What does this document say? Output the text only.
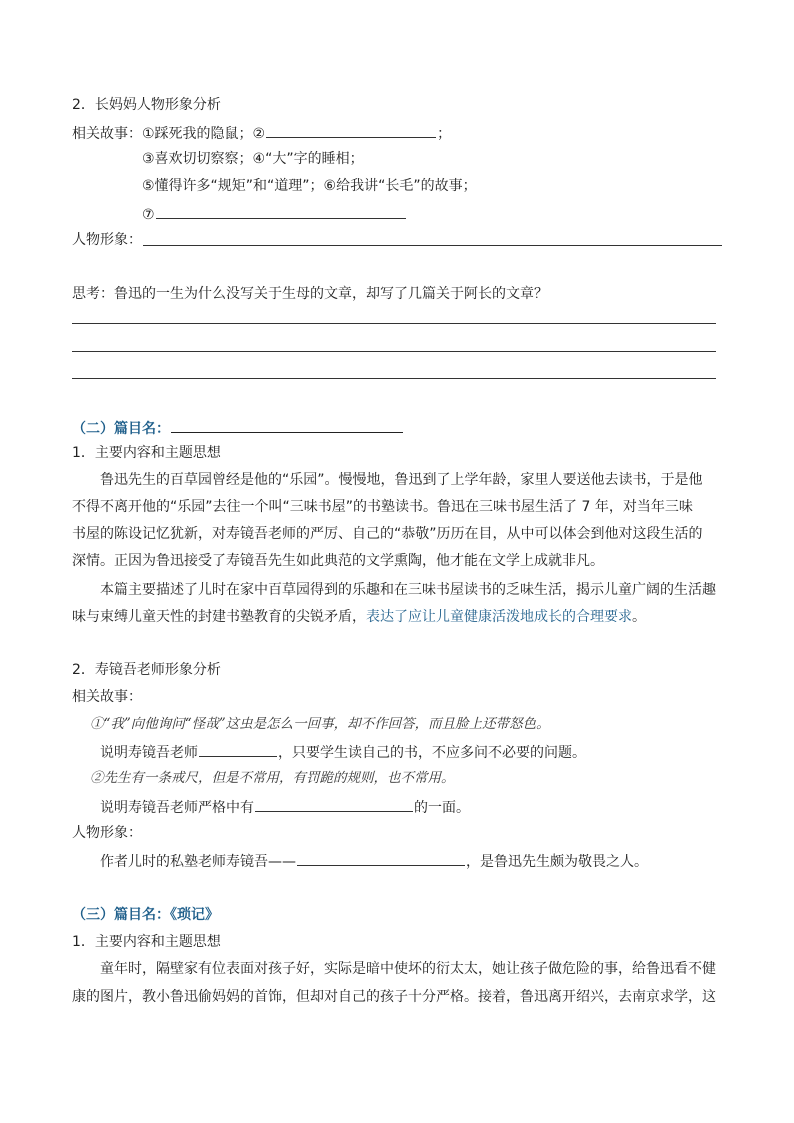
2．长妈妈人物形象分析
相关故事：①踩死我的隐鼠；②	；
③喜欢切切察察；④“大”字的睡相；
⑤懂得许多“规矩”和“道理”；⑥给我讲“长毛”的故事；
⑦
人物形象：
思考：鲁迅的一生为什么没写关于生母的文章，却写了几篇关于阿长的文章？
（二）篇目名：
1．主要内容和主题思想
鲁迅先生的百草园曾经是他的“乐园”。慢慢地，鲁迅到了上学年龄，家里人要送他去读书，于是他
不得不离开他的“乐园”去往一个叫“三味书屋”的书塾读书。鲁迅在三味书屋生活了 7 年，对当年三味
书屋的陈设记忆犹新，对寿镜吾老师的严厉、自己的“恭敬”历历在目，从中可以体会到他对这段生活的
深情。正因为鲁迅接受了寿镜吾先生如此典范的文学熏陶，他才能在文学上成就非凡。
本篇主要描述了儿时在家中百草园得到的乐趣和在三味书屋读书的乏味生活，揭示儿童广阔的生活趣
味与束缚儿童天性的封建书塾教育的尖锐矛盾，表达了应让儿童健康活泼地成长的合理要求。
2．寿镜吾老师形象分析
相关故事：
①“我”向他询问“怪哉”这虫是怎么一回事，却不作回答，而且脸上还带怒色。
说明寿镜吾老师	，只要学生读自己的书，不应多问不必要的问题。
②先生有一条戒尺，但是不常用，有罚跪的规则，也不常用。
说明寿镜吾老师严格中有	的一面。
人物形象：
作者儿时的私塾老师寿镜吾——	，是鲁迅先生颇为敬畏之人。
（三）篇目名：《琐记》
1．主要内容和主题思想
童年时，隔壁家有位表面对孩子好，实际是暗中使坏的衍太太，她让孩子做危险的事，给鲁迅看不健
康的图片，教小鲁迅偷妈妈的首饰，但却对自己的孩子十分严格。接着，鲁迅离开绍兴，去南京求学，这
